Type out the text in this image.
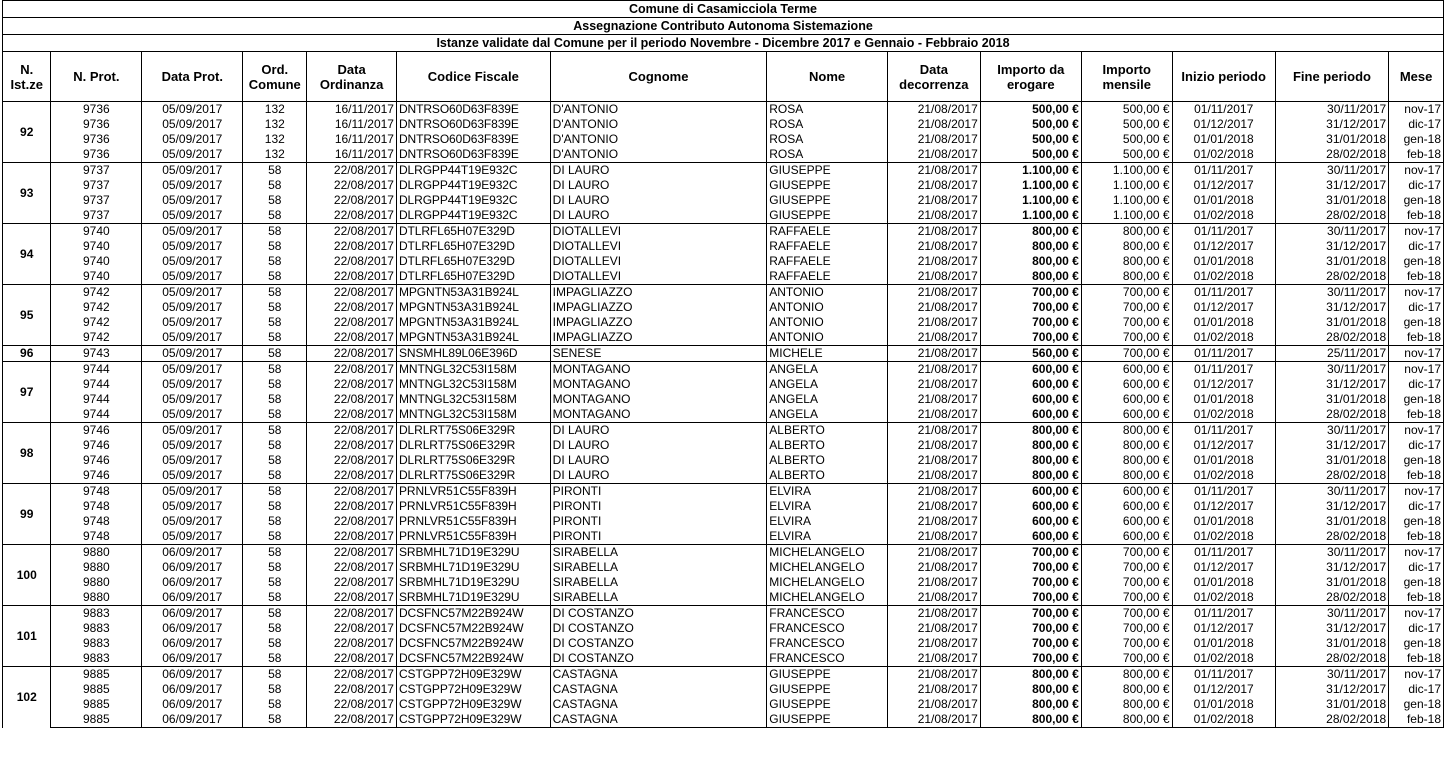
Comune di Casamicciola Terme													
Assegnazione Contributo Autonoma Sistemazione													
Istanze validate dal Comune per il periodo Novembre - Dicembre 2017 e Gennaio - Febbraio 2018													
N. Ist.ze	N. Prot.	Data Prot.	Ord. Comune	Data Ordinanza	Codice Fiscale	Cognome	Nome	Data decorrenza	Importo da erogare	Importo mensile	Inizio periodo	Fine periodo	Mese
92	9736	05/09/2017	132	16/11/2017	DNTRSO60D63F839E	D'ANTONIO	ROSA	21/08/2017	500,00 €	500,00 €	01/11/2017	30/11/2017	nov-17
	9736	05/09/2017	132	16/11/2017	DNTRSO60D63F839E	D'ANTONIO	ROSA	21/08/2017	500,00 €	500,00 €	01/12/2017	31/12/2017	dic-17
	9736	05/09/2017	132	16/11/2017	DNTRSO60D63F839E	D'ANTONIO	ROSA	21/08/2017	500,00 €	500,00 €	01/01/2018	31/01/2018	gen-18
	9736	05/09/2017	132	16/11/2017	DNTRSO60D63F839E	D'ANTONIO	ROSA	21/08/2017	500,00 €	500,00 €	01/02/2018	28/02/2018	feb-18
93	9737	05/09/2017	58	22/08/2017	DLRGPP44T19E932C	DI LAURO	GIUSEPPE	21/08/2017	1.100,00 €	1.100,00 €	01/11/2017	30/11/2017	nov-17
	9737	05/09/2017	58	22/08/2017	DLRGPP44T19E932C	DI LAURO	GIUSEPPE	21/08/2017	1.100,00 €	1.100,00 €	01/12/2017	31/12/2017	dic-17
	9737	05/09/2017	58	22/08/2017	DLRGPP44T19E932C	DI LAURO	GIUSEPPE	21/08/2017	1.100,00 €	1.100,00 €	01/01/2018	31/01/2018	gen-18
	9737	05/09/2017	58	22/08/2017	DLRGPP44T19E932C	DI LAURO	GIUSEPPE	21/08/2017	1.100,00 €	1.100,00 €	01/02/2018	28/02/2018	feb-18
94	9740	05/09/2017	58	22/08/2017	DTLRFL65H07E329D	DIOTALLEVI	RAFFAELE	21/08/2017	800,00 €	800,00 €	01/11/2017	30/11/2017	nov-17
	9740	05/09/2017	58	22/08/2017	DTLRFL65H07E329D	DIOTALLEVI	RAFFAELE	21/08/2017	800,00 €	800,00 €	01/12/2017	31/12/2017	dic-17
	9740	05/09/2017	58	22/08/2017	DTLRFL65H07E329D	DIOTALLEVI	RAFFAELE	21/08/2017	800,00 €	800,00 €	01/01/2018	31/01/2018	gen-18
	9740	05/09/2017	58	22/08/2017	DTLRFL65H07E329D	DIOTALLEVI	RAFFAELE	21/08/2017	800,00 €	800,00 €	01/02/2018	28/02/2018	feb-18
95	9742	05/09/2017	58	22/08/2017	MPGNTN53A31B924L	IMPAGLIAZZO	ANTONIO	21/08/2017	700,00 €	700,00 €	01/11/2017	30/11/2017	nov-17
	9742	05/09/2017	58	22/08/2017	MPGNTN53A31B924L	IMPAGLIAZZO	ANTONIO	21/08/2017	700,00 €	700,00 €	01/12/2017	31/12/2017	dic-17
	9742	05/09/2017	58	22/08/2017	MPGNTN53A31B924L	IMPAGLIAZZO	ANTONIO	21/08/2017	700,00 €	700,00 €	01/01/2018	31/01/2018	gen-18
	9742	05/09/2017	58	22/08/2017	MPGNTN53A31B924L	IMPAGLIAZZO	ANTONIO	21/08/2017	700,00 €	700,00 €	01/02/2018	28/02/2018	feb-18
96	9743	05/09/2017	58	22/08/2017	SNSMHL89L06E396D	SENESE	MICHELE	21/08/2017	560,00 €	700,00 €	01/11/2017	25/11/2017	nov-17
97	9744	05/09/2017	58	22/08/2017	MNTNGL32C53I158M	MONTAGANO	ANGELA	21/08/2017	600,00 €	600,00 €	01/11/2017	30/11/2017	nov-17
	9744	05/09/2017	58	22/08/2017	MNTNGL32C53I158M	MONTAGANO	ANGELA	21/08/2017	600,00 €	600,00 €	01/12/2017	31/12/2017	dic-17
	9744	05/09/2017	58	22/08/2017	MNTNGL32C53I158M	MONTAGANO	ANGELA	21/08/2017	600,00 €	600,00 €	01/01/2018	31/01/2018	gen-18
	9744	05/09/2017	58	22/08/2017	MNTNGL32C53I158M	MONTAGANO	ANGELA	21/08/2017	600,00 €	600,00 €	01/02/2018	28/02/2018	feb-18
98	9746	05/09/2017	58	22/08/2017	DLRLRT75S06E329R	DI LAURO	ALBERTO	21/08/2017	800,00 €	800,00 €	01/11/2017	30/11/2017	nov-17
	9746	05/09/2017	58	22/08/2017	DLRLRT75S06E329R	DI LAURO	ALBERTO	21/08/2017	800,00 €	800,00 €	01/12/2017	31/12/2017	dic-17
	9746	05/09/2017	58	22/08/2017	DLRLRT75S06E329R	DI LAURO	ALBERTO	21/08/2017	800,00 €	800,00 €	01/01/2018	31/01/2018	gen-18
	9746	05/09/2017	58	22/08/2017	DLRLRT75S06E329R	DI LAURO	ALBERTO	21/08/2017	800,00 €	800,00 €	01/02/2018	28/02/2018	feb-18
99	9748	05/09/2017	58	22/08/2017	PRNLVR51C55F839H	PIRONTI	ELVIRA	21/08/2017	600,00 €	600,00 €	01/11/2017	30/11/2017	nov-17
	9748	05/09/2017	58	22/08/2017	PRNLVR51C55F839H	PIRONTI	ELVIRA	21/08/2017	600,00 €	600,00 €	01/12/2017	31/12/2017	dic-17
	9748	05/09/2017	58	22/08/2017	PRNLVR51C55F839H	PIRONTI	ELVIRA	21/08/2017	600,00 €	600,00 €	01/01/2018	31/01/2018	gen-18
	9748	05/09/2017	58	22/08/2017	PRNLVR51C55F839H	PIRONTI	ELVIRA	21/08/2017	600,00 €	600,00 €	01/02/2018	28/02/2018	feb-18
100	9880	06/09/2017	58	22/08/2017	SRBMHL71D19E329U	SIRABELLA	MICHELANGELO	21/08/2017	700,00 €	700,00 €	01/11/2017	30/11/2017	nov-17
	9880	06/09/2017	58	22/08/2017	SRBMHL71D19E329U	SIRABELLA	MICHELANGELO	21/08/2017	700,00 €	700,00 €	01/12/2017	31/12/2017	dic-17
	9880	06/09/2017	58	22/08/2017	SRBMHL71D19E329U	SIRABELLA	MICHELANGELO	21/08/2017	700,00 €	700,00 €	01/01/2018	31/01/2018	gen-18
	9880	06/09/2017	58	22/08/2017	SRBMHL71D19E329U	SIRABELLA	MICHELANGELO	21/08/2017	700,00 €	700,00 €	01/02/2018	28/02/2018	feb-18
101	9883	06/09/2017	58	22/08/2017	DCSFNC57M22B924W	DI COSTANZO	FRANCESCO	21/08/2017	700,00 €	700,00 €	01/11/2017	30/11/2017	nov-17
	9883	06/09/2017	58	22/08/2017	DCSFNC57M22B924W	DI COSTANZO	FRANCESCO	21/08/2017	700,00 €	700,00 €	01/12/2017	31/12/2017	dic-17
	9883	06/09/2017	58	22/08/2017	DCSFNC57M22B924W	DI COSTANZO	FRANCESCO	21/08/2017	700,00 €	700,00 €	01/01/2018	31/01/2018	gen-18
	9883	06/09/2017	58	22/08/2017	DCSFNC57M22B924W	DI COSTANZO	FRANCESCO	21/08/2017	700,00 €	700,00 €	01/02/2018	28/02/2018	feb-18
102	9885	06/09/2017	58	22/08/2017	CSTGPP72H09E329W	CASTAGNA	GIUSEPPE	21/08/2017	800,00 €	800,00 €	01/11/2017	30/11/2017	nov-17
	9885	06/09/2017	58	22/08/2017	CSTGPP72H09E329W	CASTAGNA	GIUSEPPE	21/08/2017	800,00 €	800,00 €	01/12/2017	31/12/2017	dic-17
	9885	06/09/2017	58	22/08/2017	CSTGPP72H09E329W	CASTAGNA	GIUSEPPE	21/08/2017	800,00 €	800,00 €	01/01/2018	31/01/2018	gen-18
	9885	06/09/2017	58	22/08/2017	CSTGPP72H09E329W	CASTAGNA	GIUSEPPE	21/08/2017	800,00 €	800,00 €	01/02/2018	28/02/2018	feb-18
